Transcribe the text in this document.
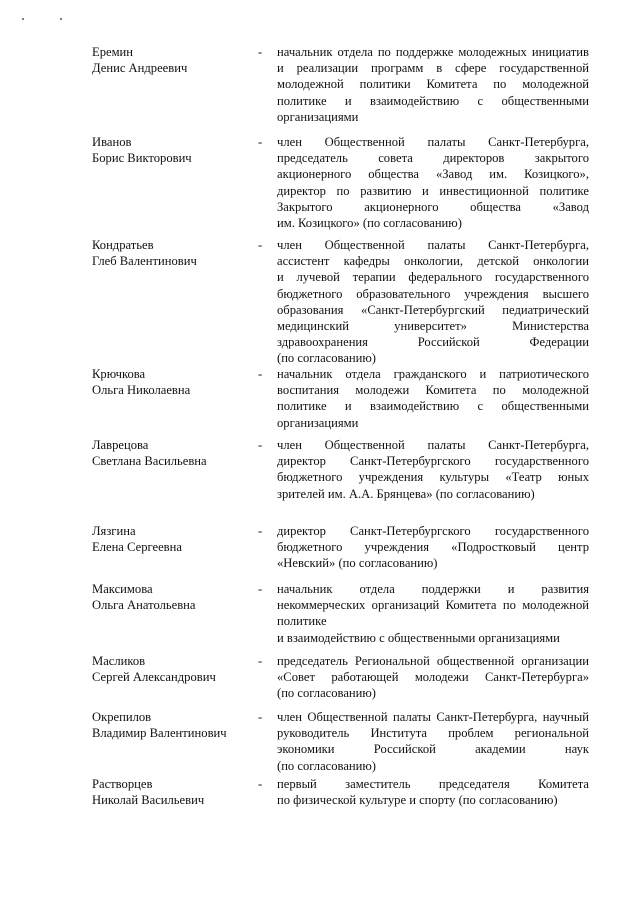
Еремин
Денис Андреевич
- начальник отдела по поддержке молодежных инициатив
и реализации программ в сфере государственной
молодежной политики Комитета по молодежной
политике и взаимодействию с общественными
организациями
Иванов
Борис Викторович
- член Общественной палаты Санкт-Петербурга,
председатель совета директоров закрытого
акционерного общества «Завод им. Козицкого»,
директор по развитию и инвестиционной политике
Закрытого акционерного общества «Завод
им. Козицкого» (по согласованию)
Кондратьев
Глеб Валентинович
- член Общественной палаты Санкт-Петербурга,
ассистент кафедры онкологии, детской онкологии
и лучевой терапии федерального государственного
бюджетного образовательного учреждения высшего
образования «Санкт-Петербургский педиатрический
медицинский университет» Министерства
здравоохранения Российской Федерации
(по согласованию)
Крючкова
Ольга Николаевна
- начальник отдела гражданского и патриотического
воспитания молодежи Комитета по молодежной
политике и взаимодействию с общественными
организациями
Лаврецова
Светлана Васильевна
- член Общественной палаты Санкт-Петербурга,
директор Санкт-Петербургского государственного
бюджетного учреждения культуры «Театр юных
зрителей им. А.А. Брянцева» (по согласованию)
Лязгина
Елена Сергеевна
- директор Санкт-Петербургского государственного
бюджетного учреждения «Подростковый центр
«Невский» (по согласованию)
Максимова
Ольга Анатольевна
- начальник отдела поддержки и развития
некоммерческих организаций Комитета по молодежной
политике
и взаимодействию с общественными организациями
Масликов
Сергей Александрович
- председатель Региональной общественной организации
«Совет работающей молодежи Санкт-Петербурга»
(по согласованию)
Окрепилов
Владимир Валентинович
- член Общественной палаты Санкт-Петербурга, научный
руководитель Института проблем региональной
экономики Российской академии наук
(по согласованию)
Растворцев
Николай Васильевич
- первый заместитель председателя Комитета
по физической культуре и спорту (по согласованию)
